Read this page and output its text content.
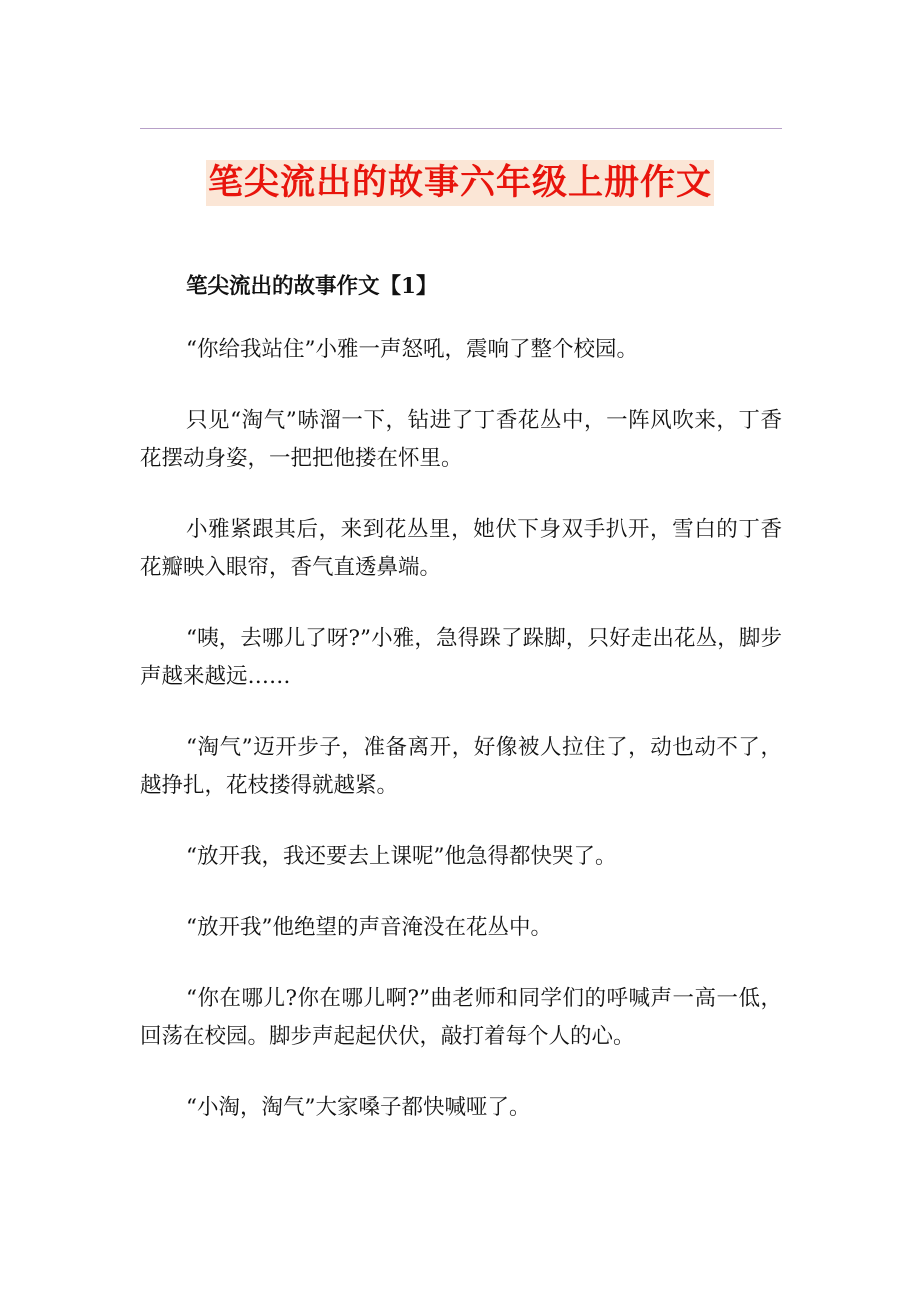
笔尖流出的故事六年级上册作文
笔尖流出的故事作文【1】

“你给我站住”小雅一声怒吼，震响了整个校园。

只见“淘气”哧溜一下，钻进了丁香花丛中，一阵风吹来，丁香花摆动身姿，一把把他搂在怀里。

小雅紧跟其后，来到花丛里，她伏下身双手扒开，雪白的丁香花瓣映入眼帘，香气直透鼻端。

“咦，去哪儿了呀?”小雅，急得跺了跺脚，只好走出花丛，脚步声越来越远……

“淘气”迈开步子，准备离开，好像被人拉住了，动也动不了，越挣扎，花枝搂得就越紧。

“放开我，我还要去上课呢”他急得都快哭了。

“放开我”他绝望的声音淹没在花丛中。

“你在哪儿?你在哪儿啊?”曲老师和同学们的呼喊声一高一低，回荡在校园。脚步声起起伏伏，敲打着每个人的心。

“小淘，淘气”大家嗓子都快喊哑了。
